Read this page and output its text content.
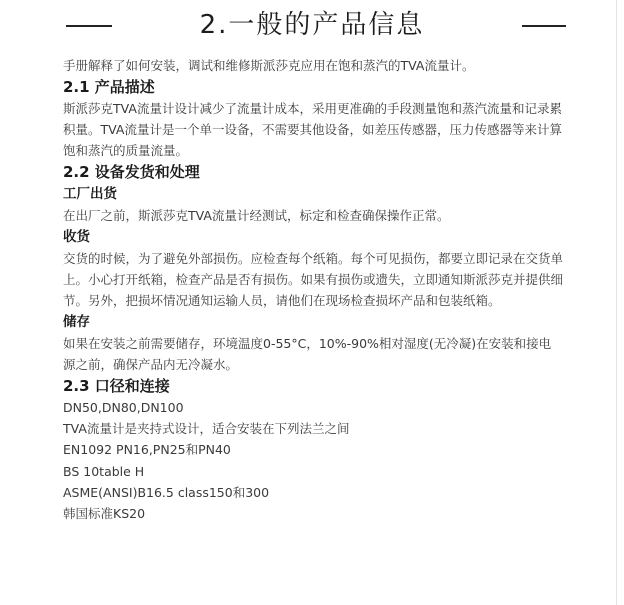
2.一般的产品信息

手册解释了如何安装，调试和维修斯派莎克应用在饱和蒸汽的TVA流量计。

2.1 产品描述

斯派莎克TVA流量计设计减少了流量计成本，采用更准确的手段测量饱和蒸汽流量和记录累积量。TVA流量计是一个单一设备，不需要其他设备，如差压传感器，压力传感器等来计算饱和蒸汽的质量流量。

2.2 设备发货和处理
工厂出货

在出厂之前，斯派莎克TVA流量计经测试，标定和检查确保操作正常。

收货

交货的时候，为了避免外部损伤。应检查每个纸箱。每个可见损伤，都要立即记录在交货单上。小心打开纸箱，检查产品是否有损伤。如果有损伤或遗失，立即通知斯派莎克并提供细节。另外，把损坏情况通知运输人员，请他们在现场检查损坏产品和包装纸箱。

储存

如果在安装之前需要储存，环境温度0-55°C，10%-90%相对湿度(无冷凝)在安装和接电源之前，确保产品内无冷凝水。

2.3 口径和连接
DN50,DN80,DN100
TVA流量计是夹持式设计，适合安装在下列法兰之间
EN1092 PN16,PN25和PN40
BS 10table H
ASME(ANSI)B16.5 class150和300
韩国标准KS20
